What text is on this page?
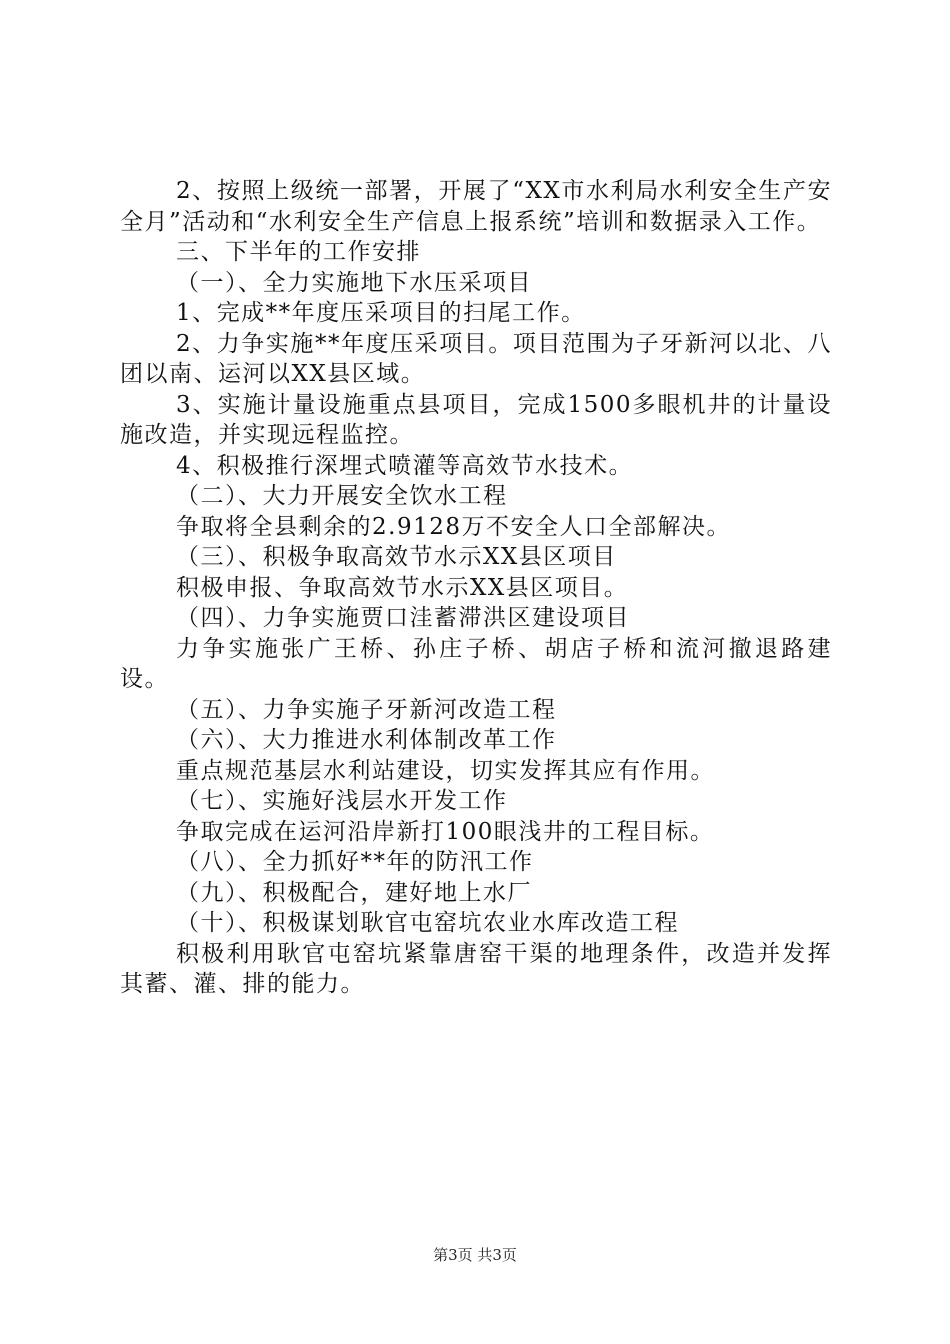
2、按照上级统一部署，开展了“XX市水利局水利安全生产安全月”活动和“水利安全生产信息上报系统”培训和数据录入工作。

三、下半年的工作安排

（一）、全力实施地下水压采项目

1、完成**年度压采项目的扫尾工作。

2、力争实施**年度压采项目。项目范围为子牙新河以北、八团以南、运河以XX县区域。

3、实施计量设施重点县项目，完成1500多眼机井的计量设施改造，并实现远程监控。

4、积极推行深埋式喷灌等高效节水技术。

（二）、大力开展安全饮水工程

争取将全县剩余的2.9128万不安全人口全部解决。

（三）、积极争取高效节水示XX县区项目

积极申报、争取高效节水示XX县区项目。

（四）、力争实施贾口洼蓄滞洪区建设项目

力争实施张广王桥、孙庄子桥、胡店子桥和流河撤退路建设。

（五）、力争实施子牙新河改造工程

（六）、大力推进水利体制改革工作

重点规范基层水利站建设，切实发挥其应有作用。

（七）、实施好浅层水开发工作

争取完成在运河沿岸新打100眼浅井的工程目标。

（八）、全力抓好**年的防汛工作

（九）、积极配合，建好地上水厂

（十）、积极谋划耿官屯窑坑农业水库改造工程

积极利用耿官屯窑坑紧靠唐窑干渠的地理条件，改造并发挥其蓄、灌、排的能力。

第3页 共3页
